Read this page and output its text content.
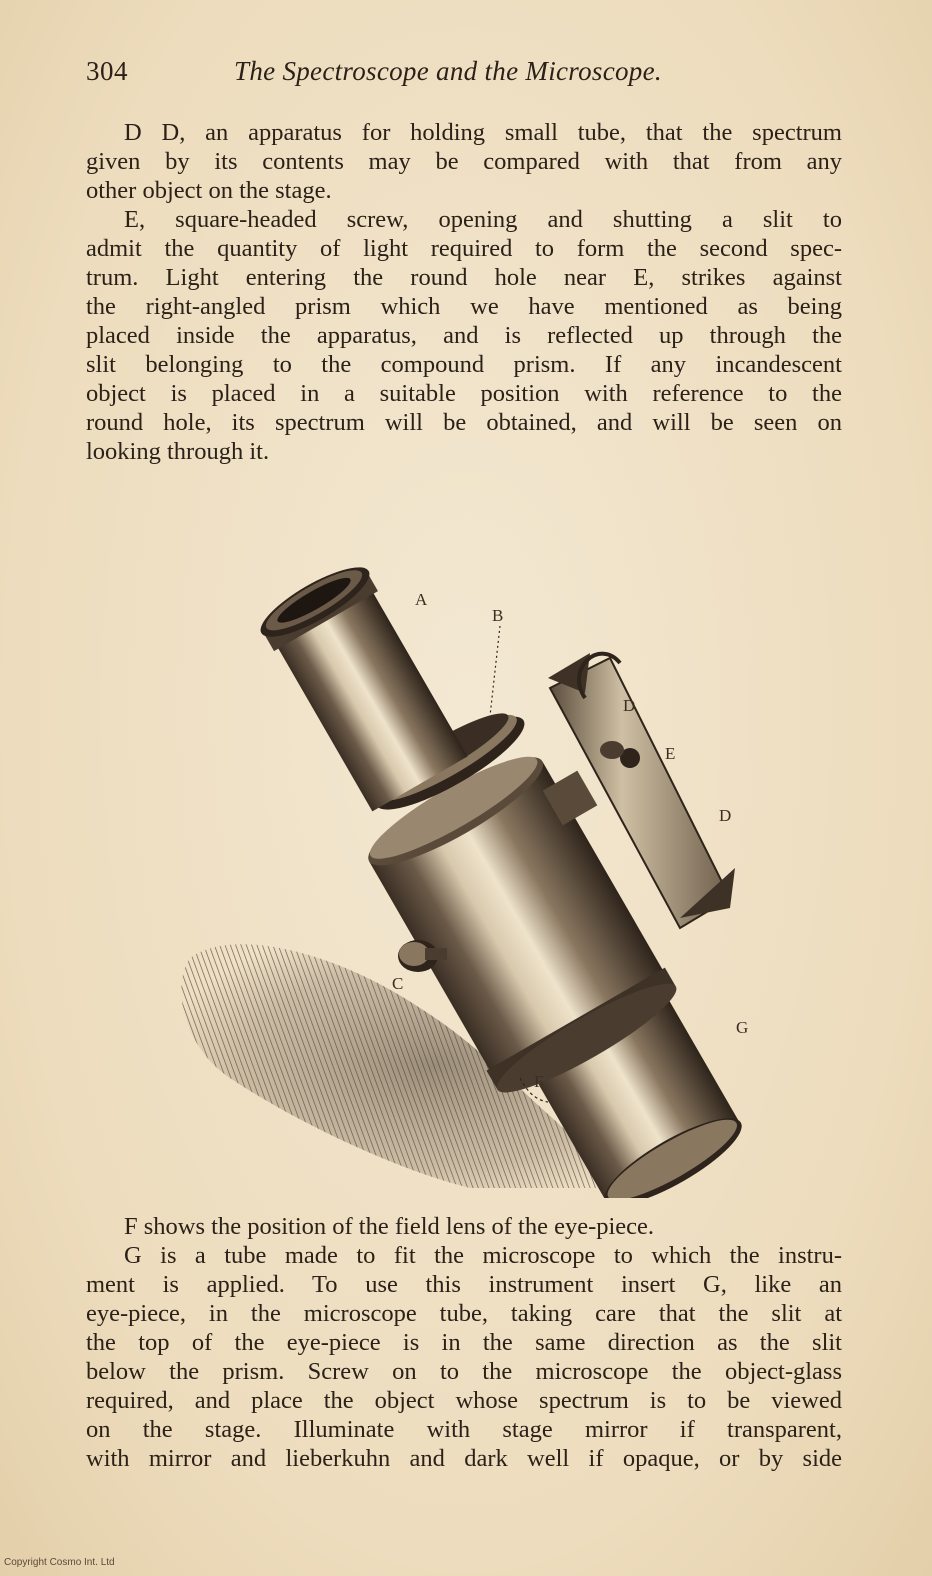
304	The Spectroscope and the Microscope.
D D, an apparatus for holding small tube, that the spectrum
given by its contents may be compared with that from any
other object on the stage.
E, square-headed screw, opening and shutting a slit to
admit the quantity of light required to form the second spec-
trum. Light entering the round hole near E, strikes against
the right-angled prism which we have mentioned as being
placed inside the apparatus, and is reflected up through the
slit belonging to the compound prism. If any incandescent
object is placed in a suitable position with reference to the
round hole, its spectrum will be obtained, and will be seen on
looking through it.
A
B
D
E
D
C
G
F
F shows the position of the field lens of the eye-piece.
G is a tube made to fit the microscope to which the instru-
ment is applied. To use this instrument insert G, like an
eye-piece, in the microscope tube, taking care that the slit at
the top of the eye-piece is in the same direction as the slit
below the prism. Screw on to the microscope the object-glass
required, and place the object whose spectrum is to be viewed
on the stage. Illuminate with stage mirror if transparent,
with mirror and lieberkuhn and dark well if opaque, or by side
Copyright Cosmo Int. Ltd
